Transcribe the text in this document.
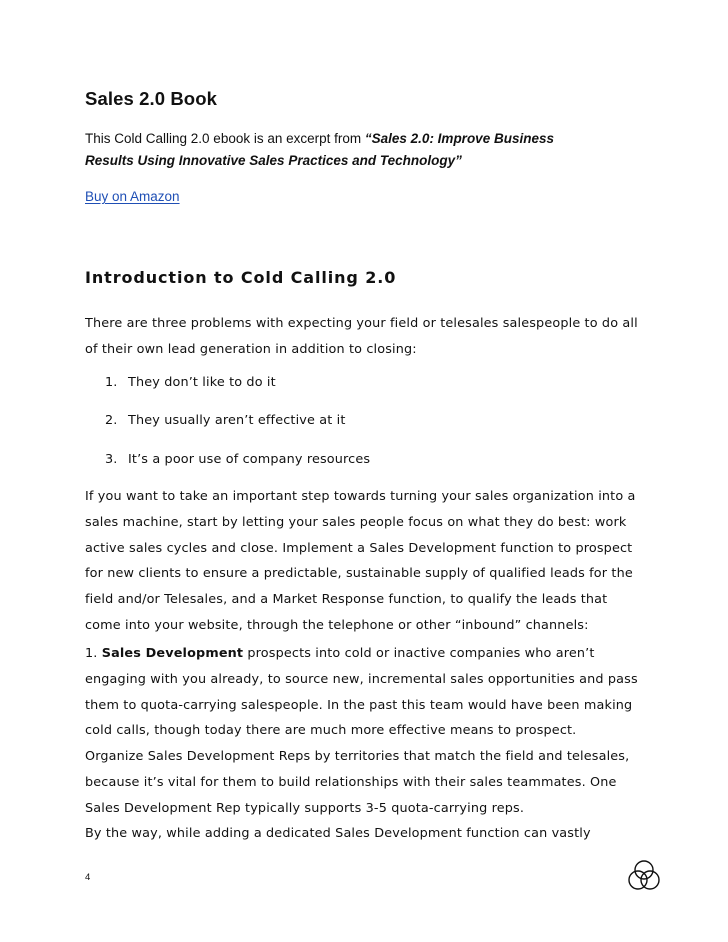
Sales 2.0 Book

This Cold Calling 2.0 ebook is an excerpt from “Sales 2.0: Improve Business
Results Using Innovative Sales Practices and Technology”

Buy on Amazon
Introduction to Cold Calling 2.0

There are three problems with expecting your field or telesales salespeople to do all
of their own lead generation in addition to closing:

1. They don’t like to do it
2. They usually aren’t effective at it
3. It’s a poor use of company resources

If you want to take an important step towards turning your sales organization into a
sales machine, start by letting your sales people focus on what they do best: work
active sales cycles and close. Implement a Sales Development function to prospect
for new clients to ensure a predictable, sustainable supply of qualified leads for the
field and/or Telesales, and a Market Response function, to qualify the leads that
come into your website, through the telephone or other “inbound” channels:

1. Sales Development prospects into cold or inactive companies who aren’t
engaging with you already, to source new, incremental sales opportunities and pass
them to quota-carrying salespeople. In the past this team would have been making
cold calls, though today there are much more effective means to prospect.
Organize Sales Development Reps by territories that match the field and telesales,
because it’s vital for them to build relationships with their sales teammates. One
Sales Development Rep typically supports 3-5 quota-carrying reps.

By the way, while adding a dedicated Sales Development function can vastly

4
